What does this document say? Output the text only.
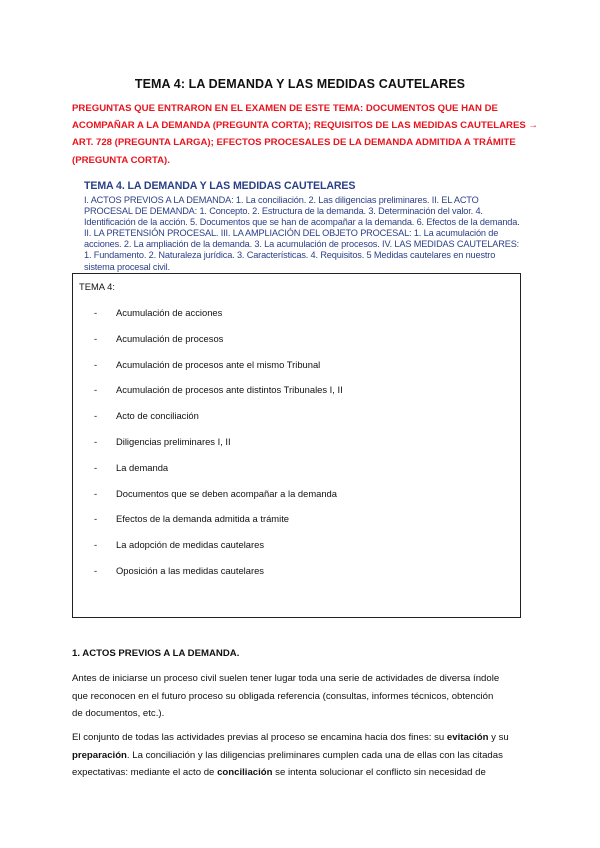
TEMA 4: LA DEMANDA Y LAS MEDIDAS CAUTELARES
PREGUNTAS QUE ENTRARON EN EL EXAMEN DE ESTE TEMA: DOCUMENTOS QUE HAN DE
ACOMPAÑAR A LA DEMANDA (PREGUNTA CORTA); REQUISITOS DE LAS MEDIDAS CAUTELARES →
ART. 728 (PREGUNTA LARGA); EFECTOS PROCESALES DE LA DEMANDA ADMITIDA A TRÁMITE
(PREGUNTA CORTA).
TEMA 4. LA DEMANDA Y LAS MEDIDAS CAUTELARES
I. ACTOS PREVIOS A LA DEMANDA: 1. La conciliación. 2. Las diligencias preliminares. II. EL ACTO
PROCESAL DE DEMANDA: 1. Concepto. 2. Estructura de la demanda. 3. Determinación del valor. 4.
Identificación de la acción. 5. Documentos que se han de acompañar a la demanda. 6. Efectos de la demanda.
II. LA PRETENSIÓN PROCESAL. III. LA AMPLIACIÓN DEL OBJETO PROCESAL: 1. La acumulación de
acciones. 2. La ampliación de la demanda. 3. La acumulación de procesos. IV. LAS MEDIDAS CAUTELARES:
1. Fundamento. 2. Naturaleza jurídica. 3. Características. 4. Requisitos. 5 Medidas cautelares en nuestro
sistema procesal civil.
TEMA 4:
-	Acumulación de acciones
-	Acumulación de procesos
-	Acumulación de procesos ante el mismo Tribunal
-	Acumulación de procesos ante distintos Tribunales I, II
-	Acto de conciliación
-	Diligencias preliminares I, II
-	La demanda
-	Documentos que se deben acompañar a la demanda
-	Efectos de la demanda admitida a trámite
-	La adopción de medidas cautelares
-	Oposición a las medidas cautelares
1. ACTOS PREVIOS A LA DEMANDA.
Antes de iniciarse un proceso civil suelen tener lugar toda una serie de actividades de diversa índole
que reconocen en el futuro proceso su obligada referencia (consultas, informes técnicos, obtención
de documentos, etc.).
El conjunto de todas las actividades previas al proceso se encamina hacia dos fines: su evitación y su
preparación. La conciliación y las diligencias preliminares cumplen cada una de ellas con las citadas
expectativas: mediante el acto de conciliación se intenta solucionar el conflicto sin necesidad de
